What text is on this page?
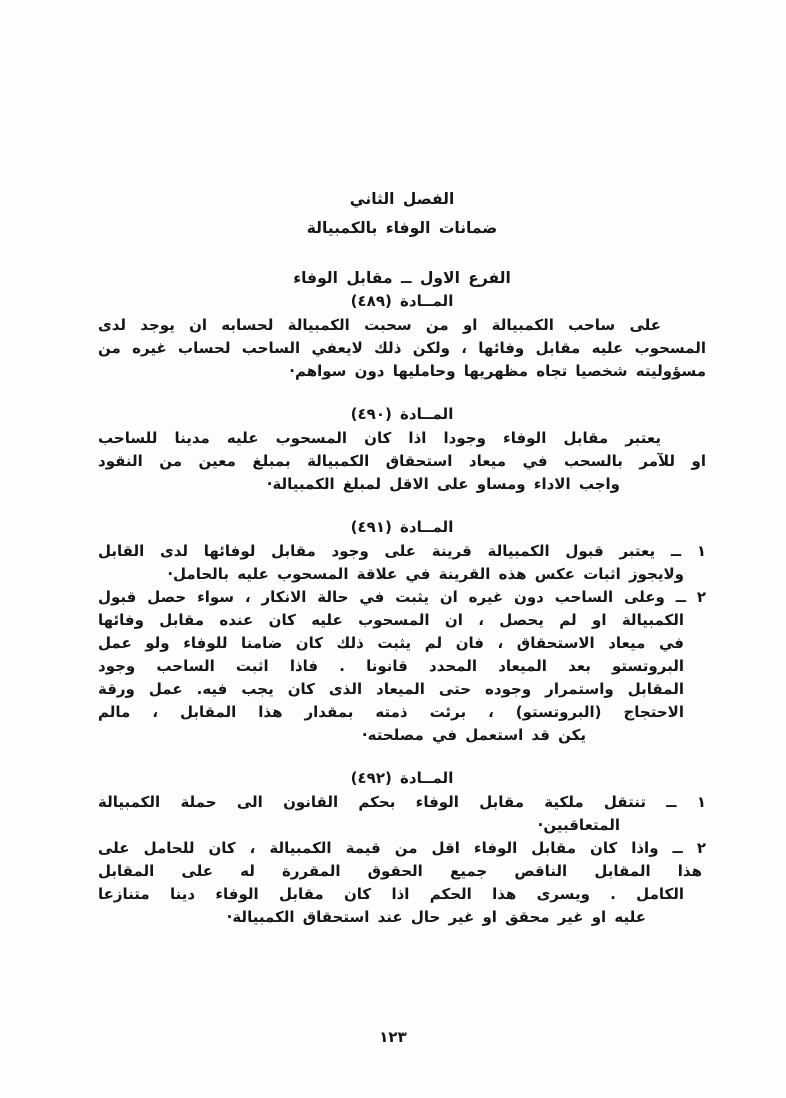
الفصل الثاني

ضمانات الوفاء بالكمبيالة

الفرع الاول ــ مقابل الوفاء

المــادة (٤٨٩)

على ساحب الكمبيالة او من سحبت الكمبيالة لحسابه ان يوجد لدى
المسحوب عليه مقابل وفائها ، ولكن ذلك لايعفي الساحب لحساب غيره من
مسؤوليته شخصيا تجاه مظهريها وحامليها دون سواهم·

المــادة (٤٩٠)

يعتبر مقابل الوفاء وجودا اذا كان المسحوب عليه مدينا للساحب
او للآمر بالسحب في ميعاد استحقاق الكمبيالة بمبلغ معين من النقود
واجب الاداء ومساو على الاقل لمبلغ الكمبيالة·

المــادة (٤٩١)

١ ــ يعتبر قبول الكمبيالة قرينة على وجود مقابل لوفائها لدى القابل
ولايجوز اثبات عكس هذه القرينة في علاقة المسحوب عليه بالحامل·
٢ ــ وعلى الساحب دون غيره ان يثبت في حالة الانكار ، سواء حصل قبول
الكمبيالة او لم يحصل ، ان المسحوب عليه كان عنده مقابل وفائها
في ميعاد الاستحقاق ، فان لم يثبت ذلك كان ضامنا للوفاء ولو عمل
البروتستو بعد الميعاد المحدد قانونا . فاذا اثبت الساحب وجود
المقابل واستمرار وجوده حتى الميعاد الذى كان يجب فيه. عمل ورقة
الاحتجاج (البروتستو) ، برئت ذمته بمقدار هذا المقابل ، مالم
يكن قد استعمل في مصلحته·

المــادة (٤٩٢)

١ ــ تنتقل ملكية مقابل الوفاء بحكم القانون الى حملة الكمبيالة
المتعاقبين·
٢ ــ واذا كان مقابل الوفاء اقل من قيمة الكمبيالة ، كان للحامل على
هذا المقابل الناقص جميع الحقوق المقررة له على المقابل
الكامل . ويسرى هذا الحكم اذا كان مقابل الوفاء دينا متنازعا
عليه او غير محقق او غير حال عند استحقاق الكمبيالة·
١٢٣
